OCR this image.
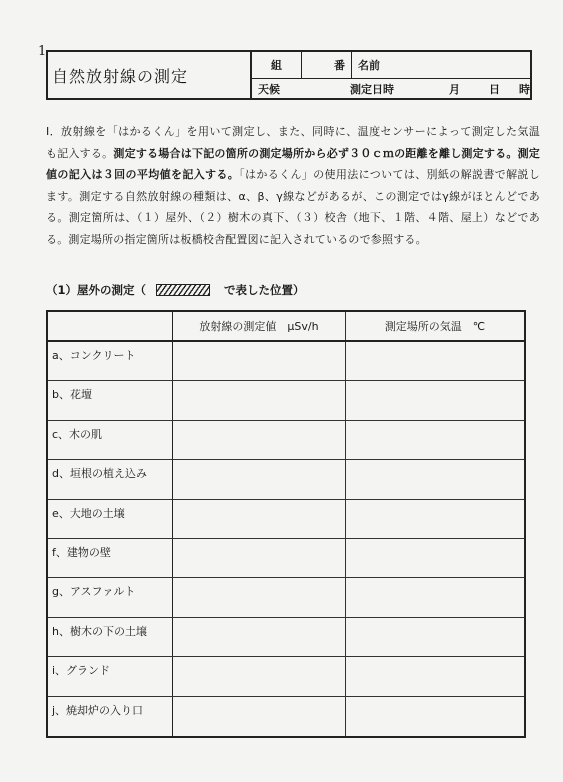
1
自然放射線の測定
組	番	名前
天候	測定日時	月	日	時
I．放射線を「はかるくん」を用いて測定し、また、同時に、温度センサーによって測定した気温も記入する。測定する場合は下記の箇所の測定場所から必ず３０ｃｍの距離を離し測定する。測定値の記入は３回の平均値を記入する。「はかるくん」の使用法については、別紙の解説書で解説します。測定する自然放射線の種類は、α、β、γ線などがあるが、この測定ではγ線がほとんどである。測定箇所は、（１）屋外、（２）樹木の真下、（３）校舎（地下、１階、４階、屋上）などである。測定場所の指定箇所は板橋校舎配置図に記入されているので参照する。
（1）屋外の測定（	で表した位置）
放射線の測定値　μSv/h	測定場所の気温　℃
a、コンクリート
b、花壇
c、木の肌
d、垣根の植え込み
e、大地の土壌
f、建物の壁
g、アスファルト
h、樹木の下の土壌
i、グランド
j、焼却炉の入り口
